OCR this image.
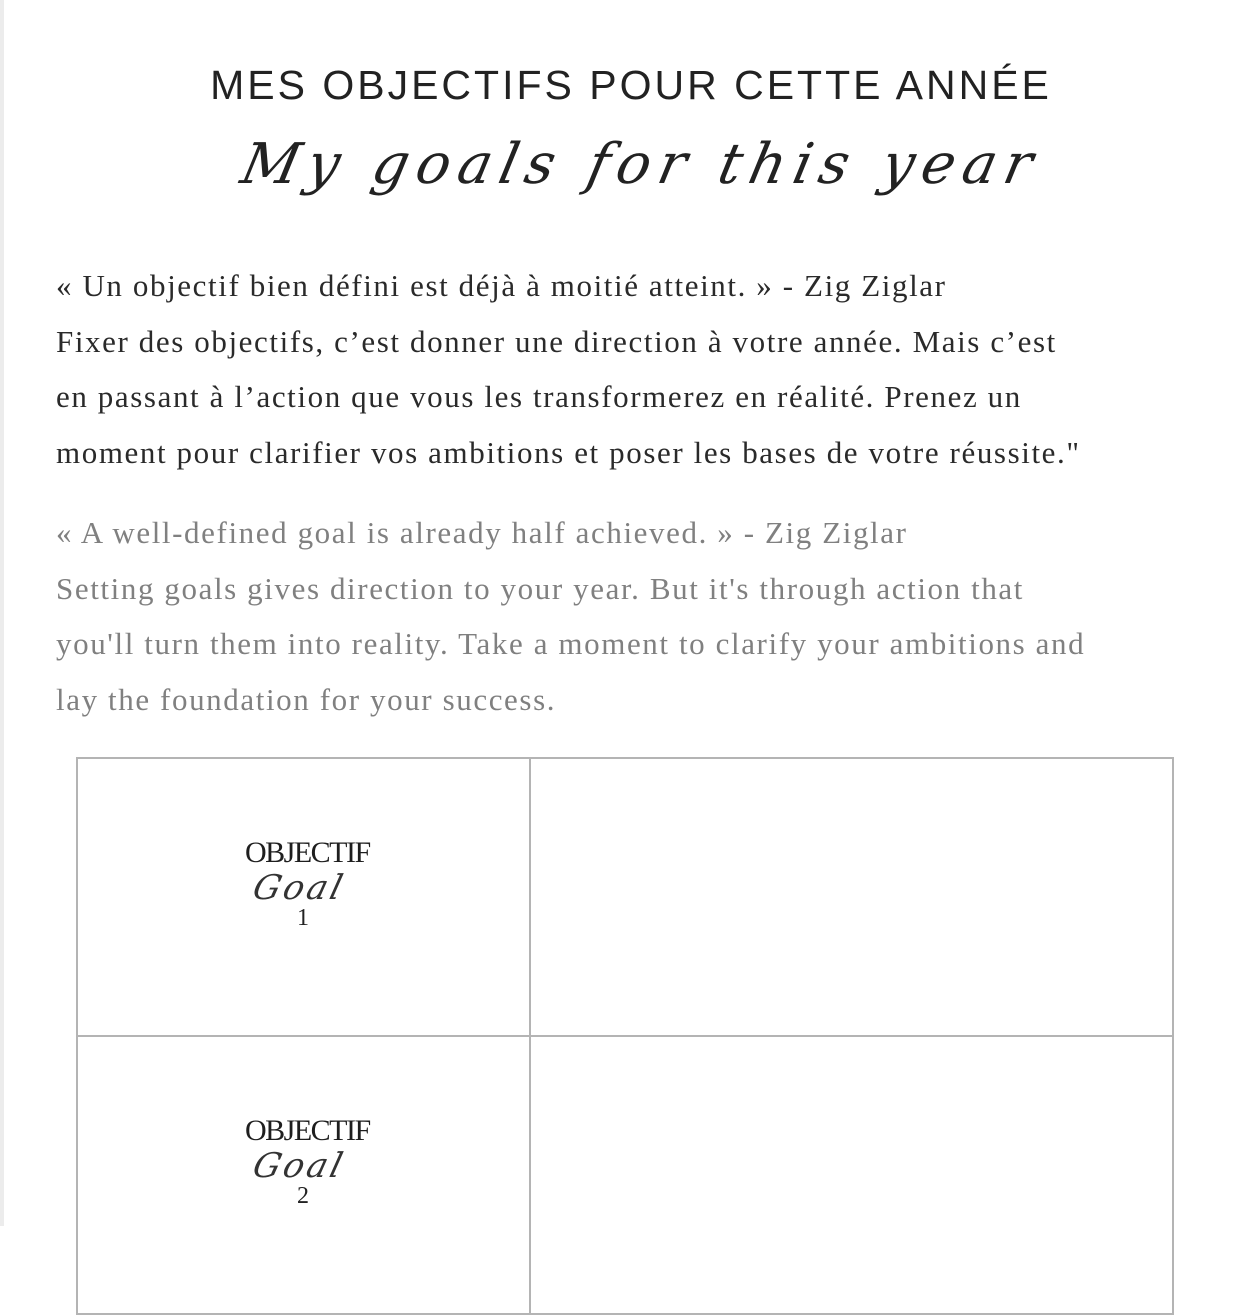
MES OBJECTIFS POUR CETTE ANNÉE
My goals for this year
« Un objectif bien défini est déjà à moitié atteint. » - Zig Ziglar
Fixer des objectifs, c’est donner une direction à votre année. Mais c’est
en passant à l’action que vous les transformerez en réalité. Prenez un
moment pour clarifier vos ambitions et poser les bases de votre réussite."
« A well-defined goal is already half achieved. » - Zig Ziglar
Setting goals gives direction to your year. But it's through action that
you'll turn them into reality. Take a moment to clarify your ambitions and
lay the foundation for your success.
OBJECTIF
Goal
1	

OBJECTIF
Goal
2	
